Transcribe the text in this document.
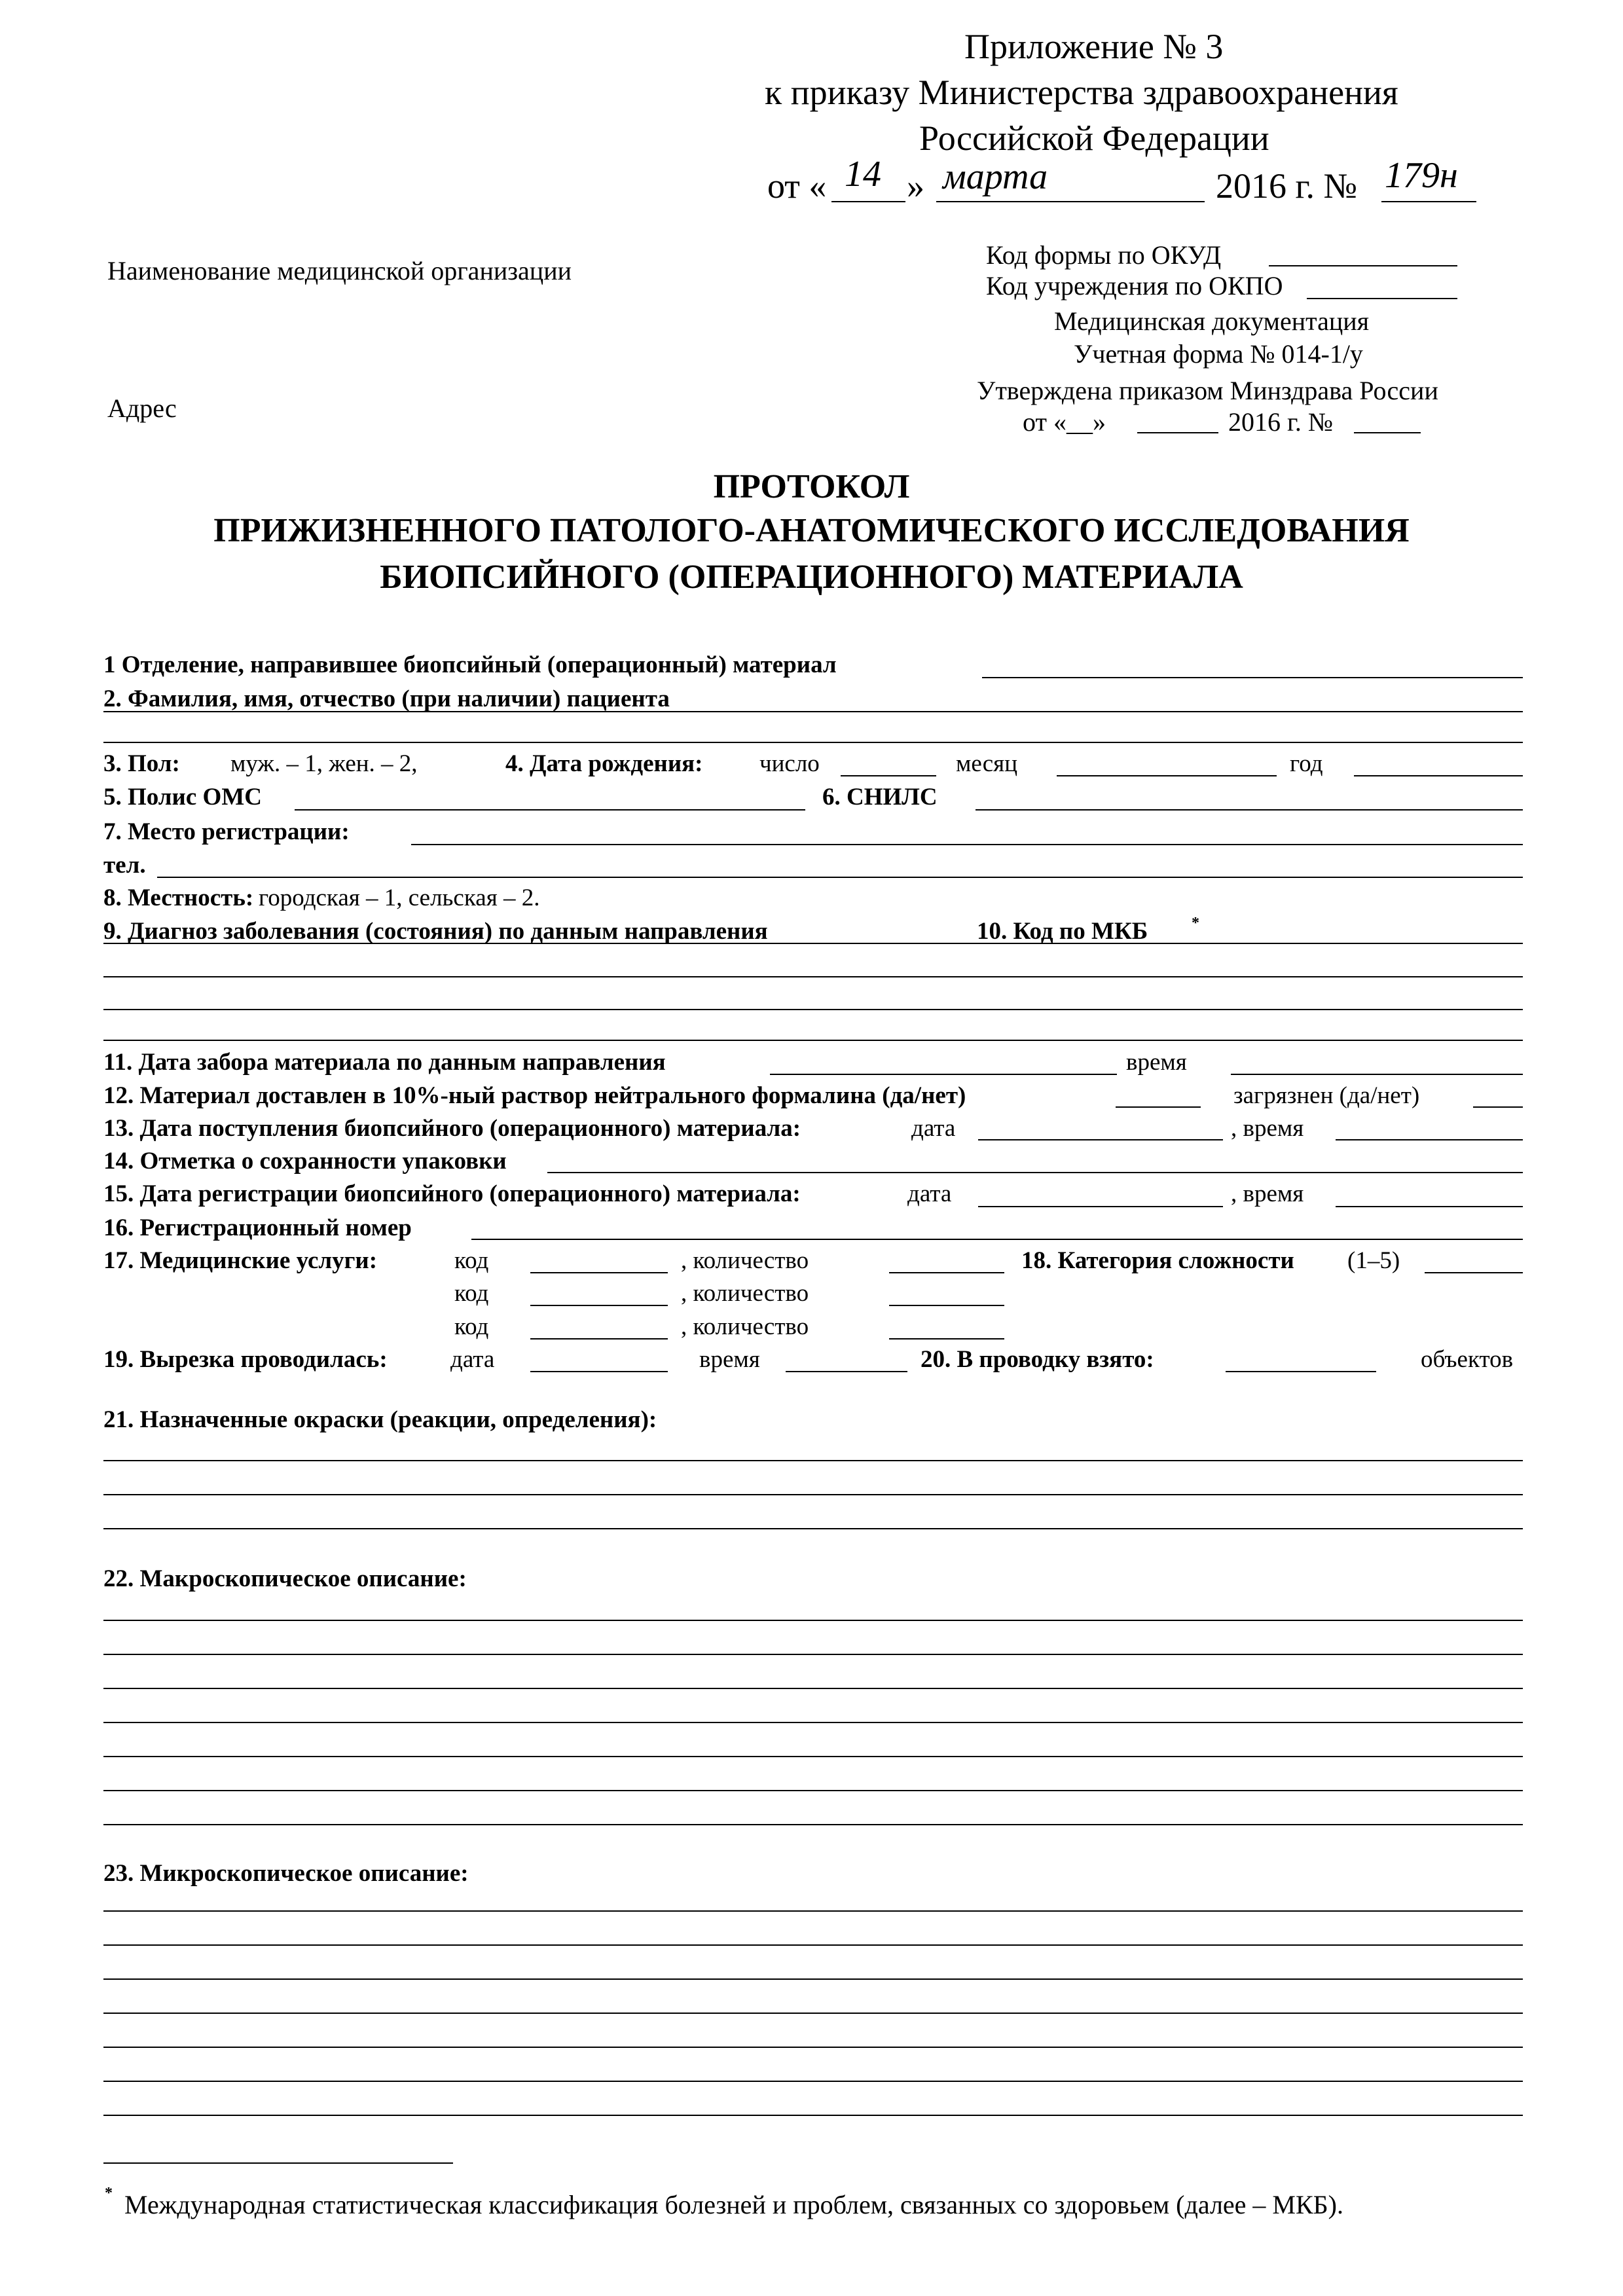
Приложение № 3
к приказу Министерства здравоохранения
Российской Федерации
от « 14 » марта	2016 г. № 179н
Наименование медицинской организации
Адрес
Код формы по ОКУД
Код учреждения по ОКПО
Медицинская документация
Учетная форма № 014-1/у
Утверждена приказом Минздрава России
от «__»	2016 г. №
ПРОТОКОЛ
ПРИЖИЗНЕННОГО ПАТОЛОГО-АНАТОМИЧЕСКОГО ИССЛЕДОВАНИЯ
БИОПСИЙНОГО (ОПЕРАЦИОННОГО) МАТЕРИАЛА
1 Отделение, направившее биопсийный (операционный) материал
2. Фамилия, имя, отчество (при наличии) пациента
3. Пол: муж. – 1, жен. – 2,	4. Дата рождения: число	месяц	год
5. Полис ОМС	6. СНИЛС
7. Место регистрации:
тел.
8. Местность: городская – 1, сельская – 2.
9. Диагноз заболевания (состояния) по данным направления	10. Код по МКБ	*
11. Дата забора материала по данным направления	время
12. Материал доставлен в 10%-ный раствор нейтрального формалина (да/нет)	загрязнен (да/нет)
13. Дата поступления биопсийного (операционного) материала:	дата	, время
14. Отметка о сохранности упаковки
15. Дата регистрации биопсийного (операционного) материала:	дата	, время
16. Регистрационный номер
17. Медицинские услуги:	код	, количество	18. Категория сложности (1–5)
код	, количество
код	, количество
19. Вырезка проводилась:	дата	время	20. В проводку взято:	объектов
21. Назначенные окраски (реакции, определения):
22. Макроскопическое описание:
23. Микроскопическое описание:
* Международная статистическая классификация болезней и проблем, связанных со здоровьем (далее – МКБ).
